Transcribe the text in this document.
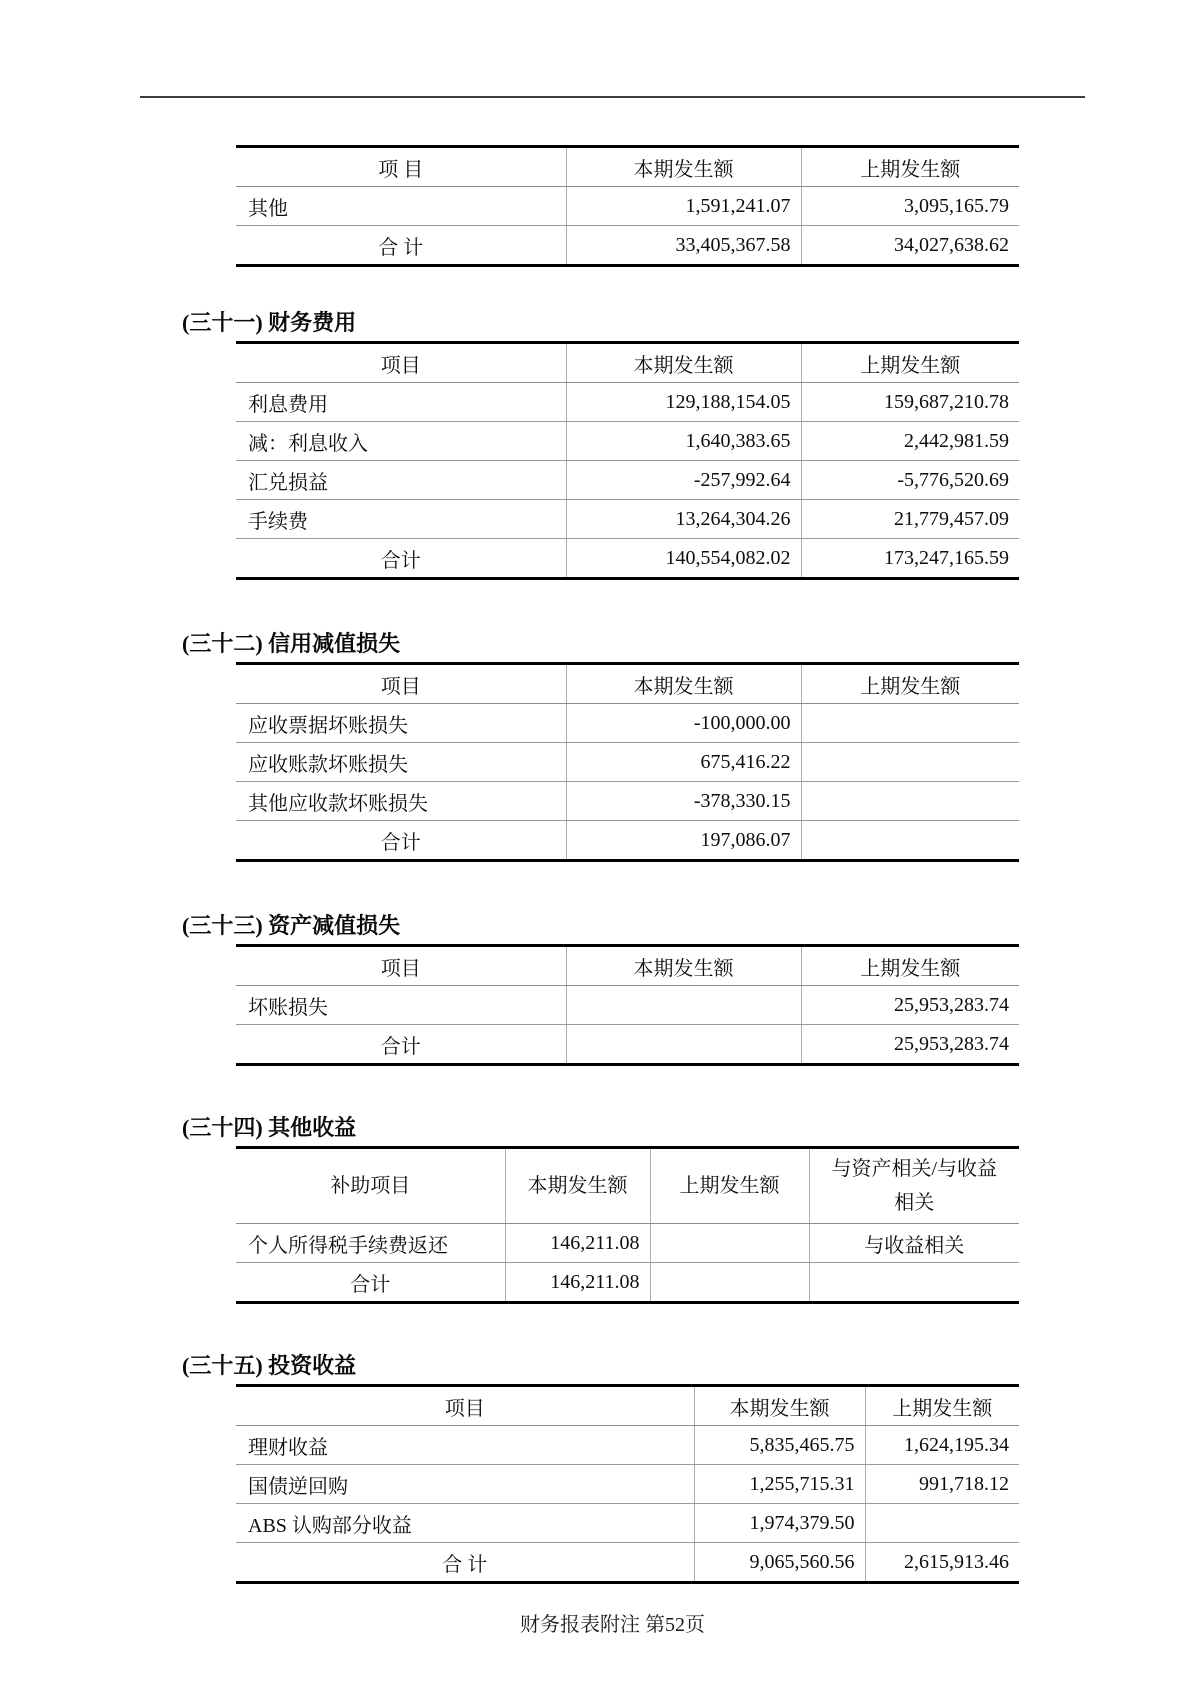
项 目	本期发生额	上期发生额
其他	1,591,241.07	3,095,165.79
合 计	33,405,367.58	34,027,638.62
(三十一) 财务费用
项目	本期发生额	上期发生额
利息费用	129,188,154.05	159,687,210.78
减：利息收入	1,640,383.65	2,442,981.59
汇兑损益	-257,992.64	-5,776,520.69
手续费	13,264,304.26	21,779,457.09
合计	140,554,082.02	173,247,165.59
(三十二) 信用减值损失
项目	本期发生额	上期发生额
应收票据坏账损失	-100,000.00	
应收账款坏账损失	675,416.22	
其他应收款坏账损失	-378,330.15	
合计	197,086.07	
(三十三) 资产减值损失
项目	本期发生额	上期发生额
坏账损失		25,953,283.74
合计		25,953,283.74
(三十四) 其他收益
补助项目	本期发生额	上期发生额	与资产相关/与收益相关
个人所得税手续费返还	146,211.08		与收益相关
合计	146,211.08		
(三十五) 投资收益
项目	本期发生额	上期发生额
理财收益	5,835,465.75	1,624,195.34
国债逆回购	1,255,715.31	991,718.12
ABS 认购部分收益	1,974,379.50	
合 计	9,065,560.56	2,615,913.46
财务报表附注 第52页
